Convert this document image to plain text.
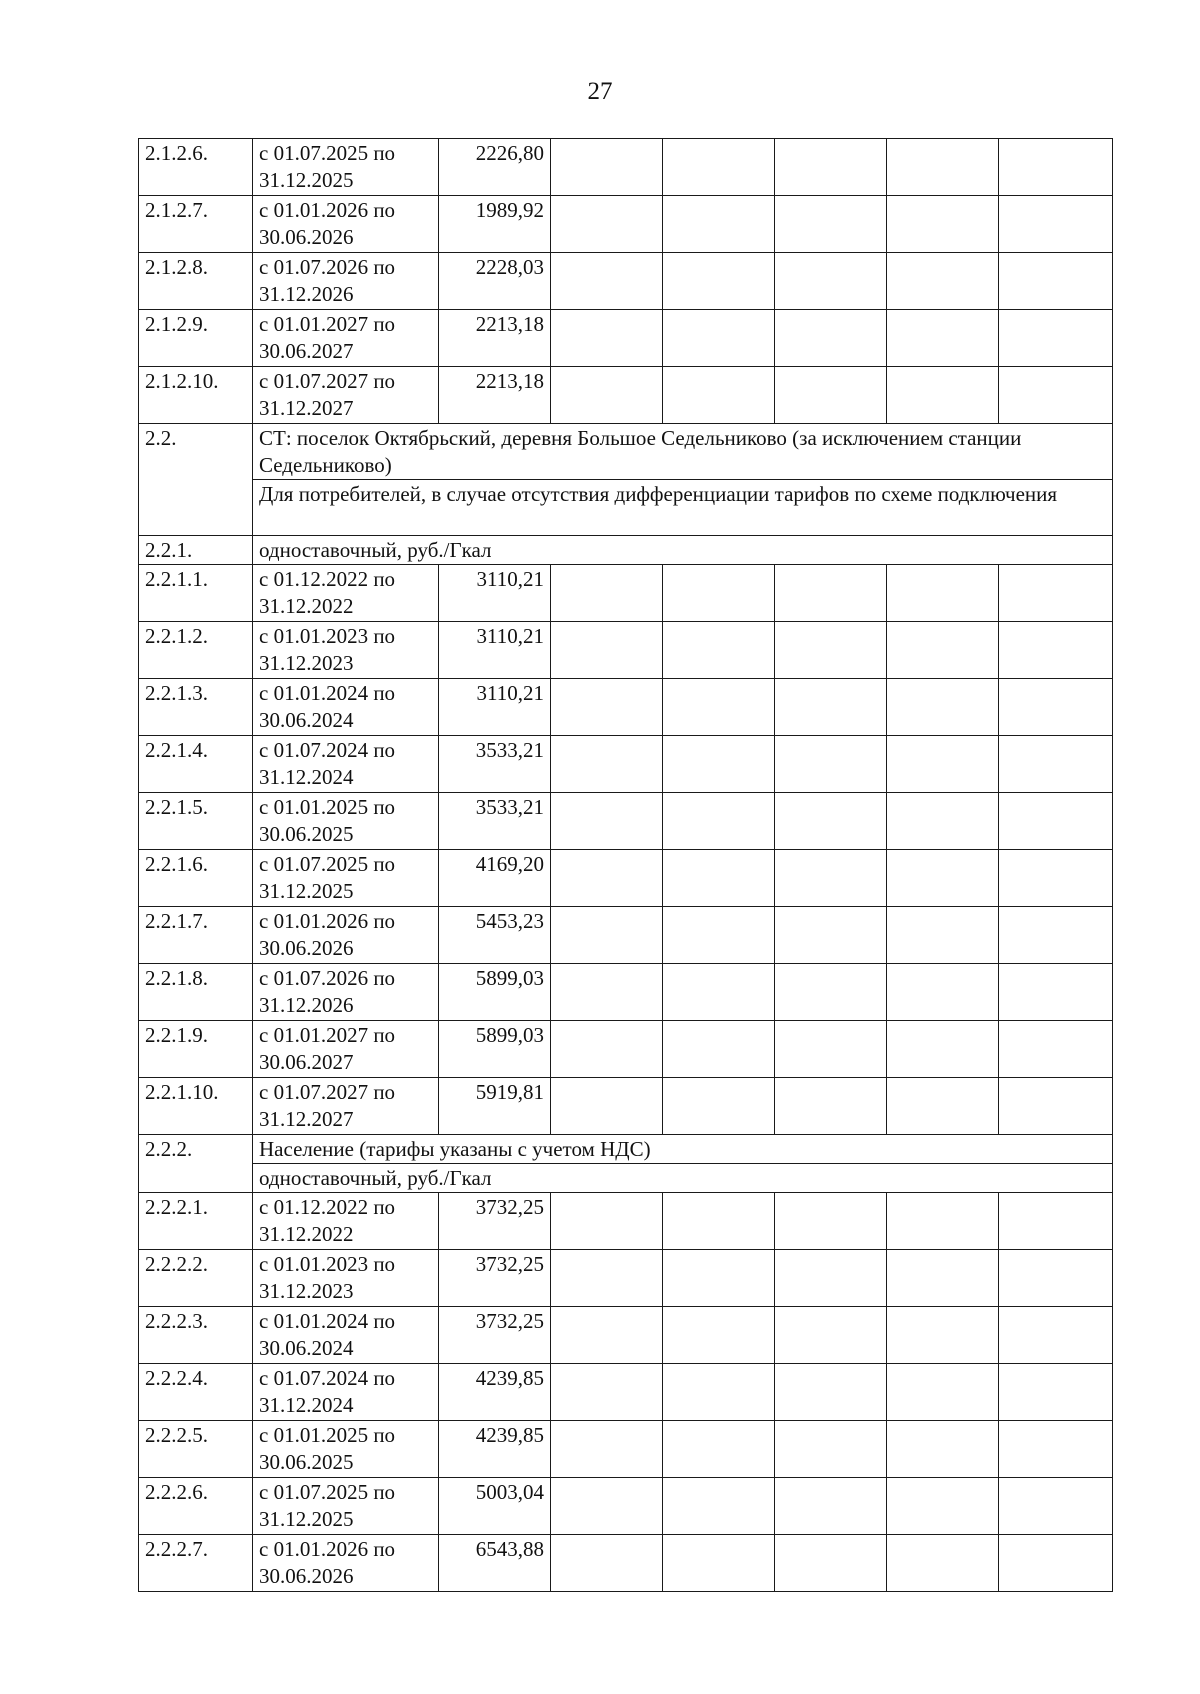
27
2.1.2.6.	с 01.07.2025 по
31.12.2025	2226,80					
2.1.2.7.	с 01.01.2026 по
30.06.2026	1989,92					
2.1.2.8.	с 01.07.2026 по
31.12.2026	2228,03					
2.1.2.9.	с 01.01.2027 по
30.06.2027	2213,18					
2.1.2.10.	с 01.07.2027 по
31.12.2027	2213,18					
2.2.	СТ: поселок Октябрьский, деревня Большое Седельниково (за исключением станции Седельниково)						
	Для потребителей, в случае отсутствия дифференциации тарифов по схеме подключения						
2.2.1.	одноставочный, руб./Гкал						
2.2.1.1.	с 01.12.2022 по
31.12.2022	3110,21					
2.2.1.2.	с 01.01.2023 по
31.12.2023	3110,21					
2.2.1.3.	с 01.01.2024 по
30.06.2024	3110,21					
2.2.1.4.	с 01.07.2024 по
31.12.2024	3533,21					
2.2.1.5.	с 01.01.2025 по
30.06.2025	3533,21					
2.2.1.6.	с 01.07.2025 по
31.12.2025	4169,20					
2.2.1.7.	с 01.01.2026 по
30.06.2026	5453,23					
2.2.1.8.	с 01.07.2026 по
31.12.2026	5899,03					
2.2.1.9.	с 01.01.2027 по
30.06.2027	5899,03					
2.2.1.10.	с 01.07.2027 по
31.12.2027	5919,81					
2.2.2.	Население (тарифы указаны с учетом НДС)						
	одноставочный, руб./Гкал						
2.2.2.1.	с 01.12.2022 по
31.12.2022	3732,25					
2.2.2.2.	с 01.01.2023 по
31.12.2023	3732,25					
2.2.2.3.	с 01.01.2024 по
30.06.2024	3732,25					
2.2.2.4.	с 01.07.2024 по
31.12.2024	4239,85					
2.2.2.5.	с 01.01.2025 по
30.06.2025	4239,85					
2.2.2.6.	с 01.07.2025 по
31.12.2025	5003,04					
2.2.2.7.	с 01.01.2026 по
30.06.2026	6543,88					
